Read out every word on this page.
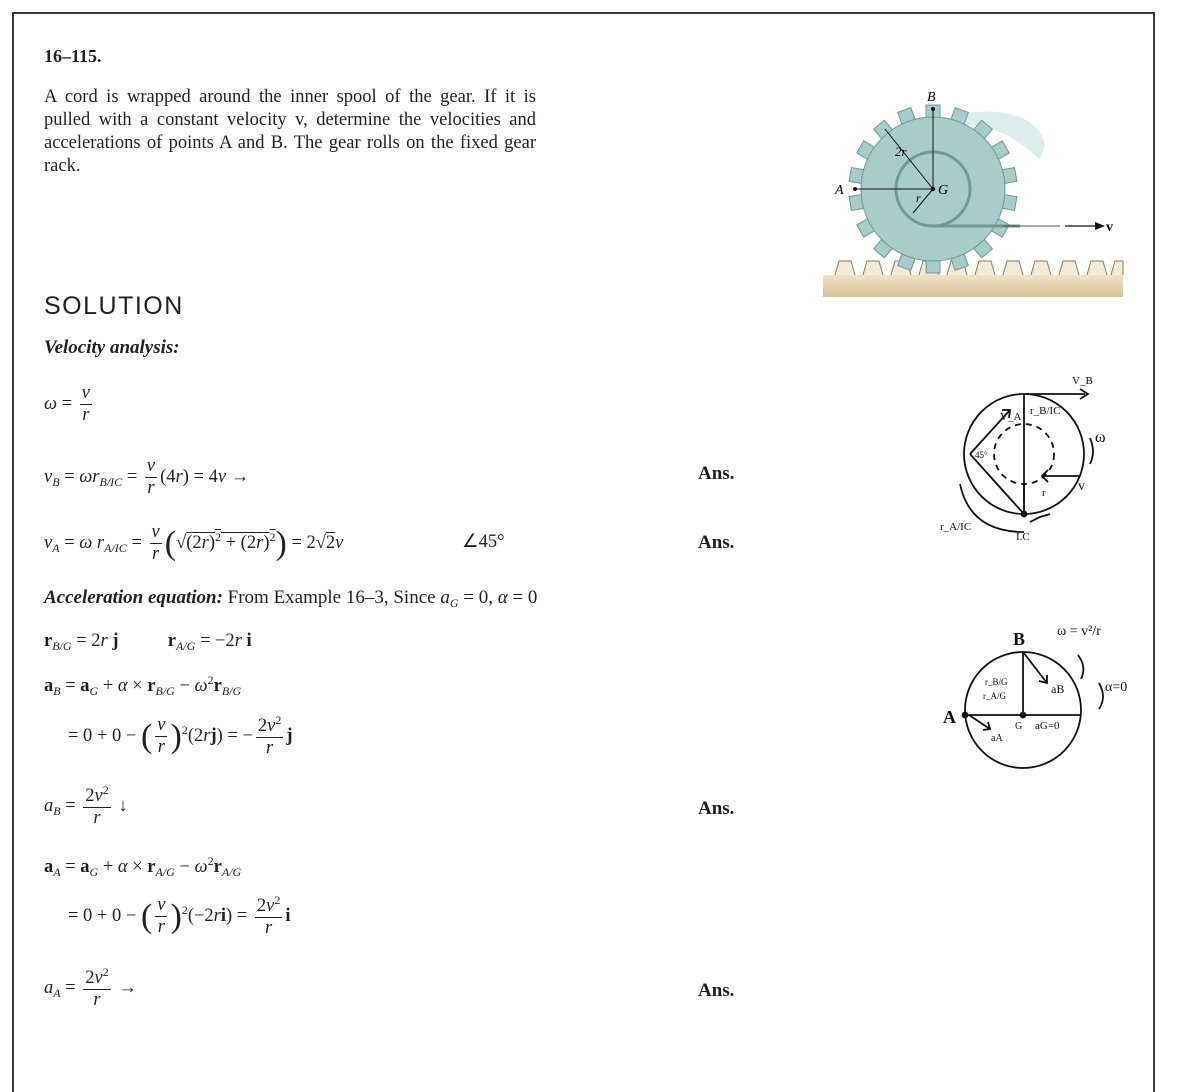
16–115.
A cord is wrapped around the inner spool of the gear. If it is pulled with a constant velocity v, determine the velocities and accelerations of points A and B. The gear rolls on the fixed gear rack.
v
B
A	G
2r
r
SOLUTION
Velocity analysis:
$\omega = \frac{v}{r}$
$v_B = \omega r_{B/IC} = \frac{v}{r} (4r) = 4v$ →	Ans.
$v_A = \omega$ $r_{A/IC} = \frac{v}{r} (√(2r)^2 + (2r)^2) = 2√2v$	∠45°	Ans.
Acceleration equation: From Example 16–3, Since $a_G = 0$, α = 0
$r_{B/G} = 2r$ j	$r_{A/G} = -2r$ i
$a_B = a_G + \alpha \times r_{B/G} - \omega^2r_{B/G}$
= 0 + 0 − ( $\frac{v}{r} )^2(2rj)$ = − $\frac{2v^2}{r}$ j
$a_B = \frac{2v^2}{r}$ ↓	Ans.
$a_A = a_G + \alpha \times r_{A/G} - \omega^2r_{A/G}$
= 0 + 0 − ( $\frac{v}{r} )^2(-2ri) = \frac{2v^2}{r}$ i
$a_A = \frac{2v^2}{r}$ →	Ans.
V_B
V_A r_B/IC
ω
r v
45°
r_A/IC
I.C
ω = v²/r
B
A
aB
aA
α=0
G aG=0
r_B/G
r_A/G
